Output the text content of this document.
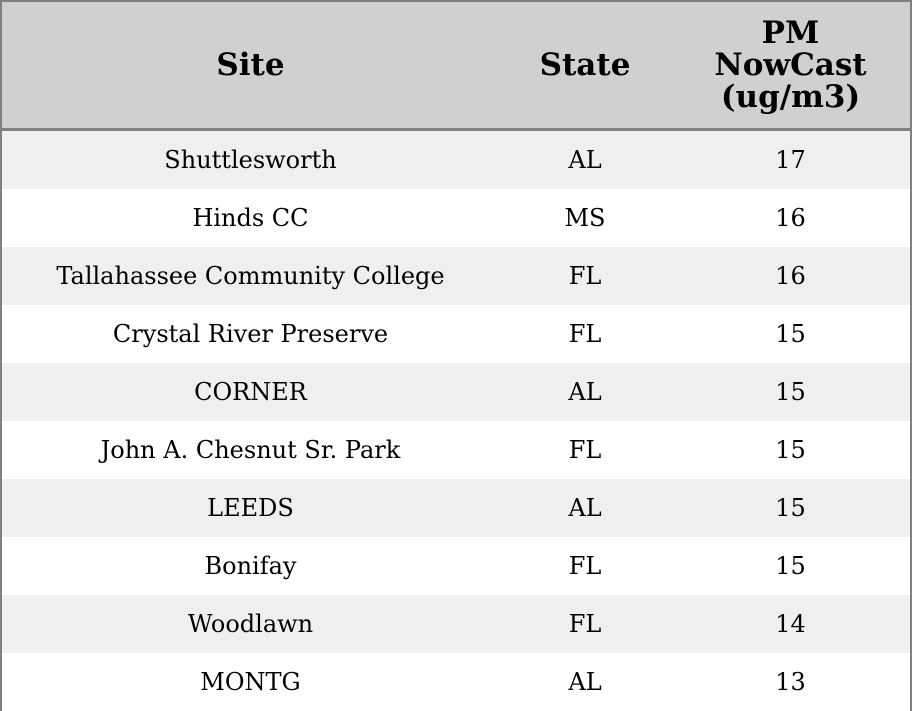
Site	State	PM
NowCast
(ug/m3)

Shuttlesworth	AL	17
Hinds CC	MS	16
Tallahassee Community College	FL	16
Crystal River Preserve	FL	15
CORNER	AL	15
John A. Chesnut Sr. Park	FL	15
LEEDS	AL	15
Bonifay	FL	15
Woodlawn	FL	14
MONTG	AL	13
